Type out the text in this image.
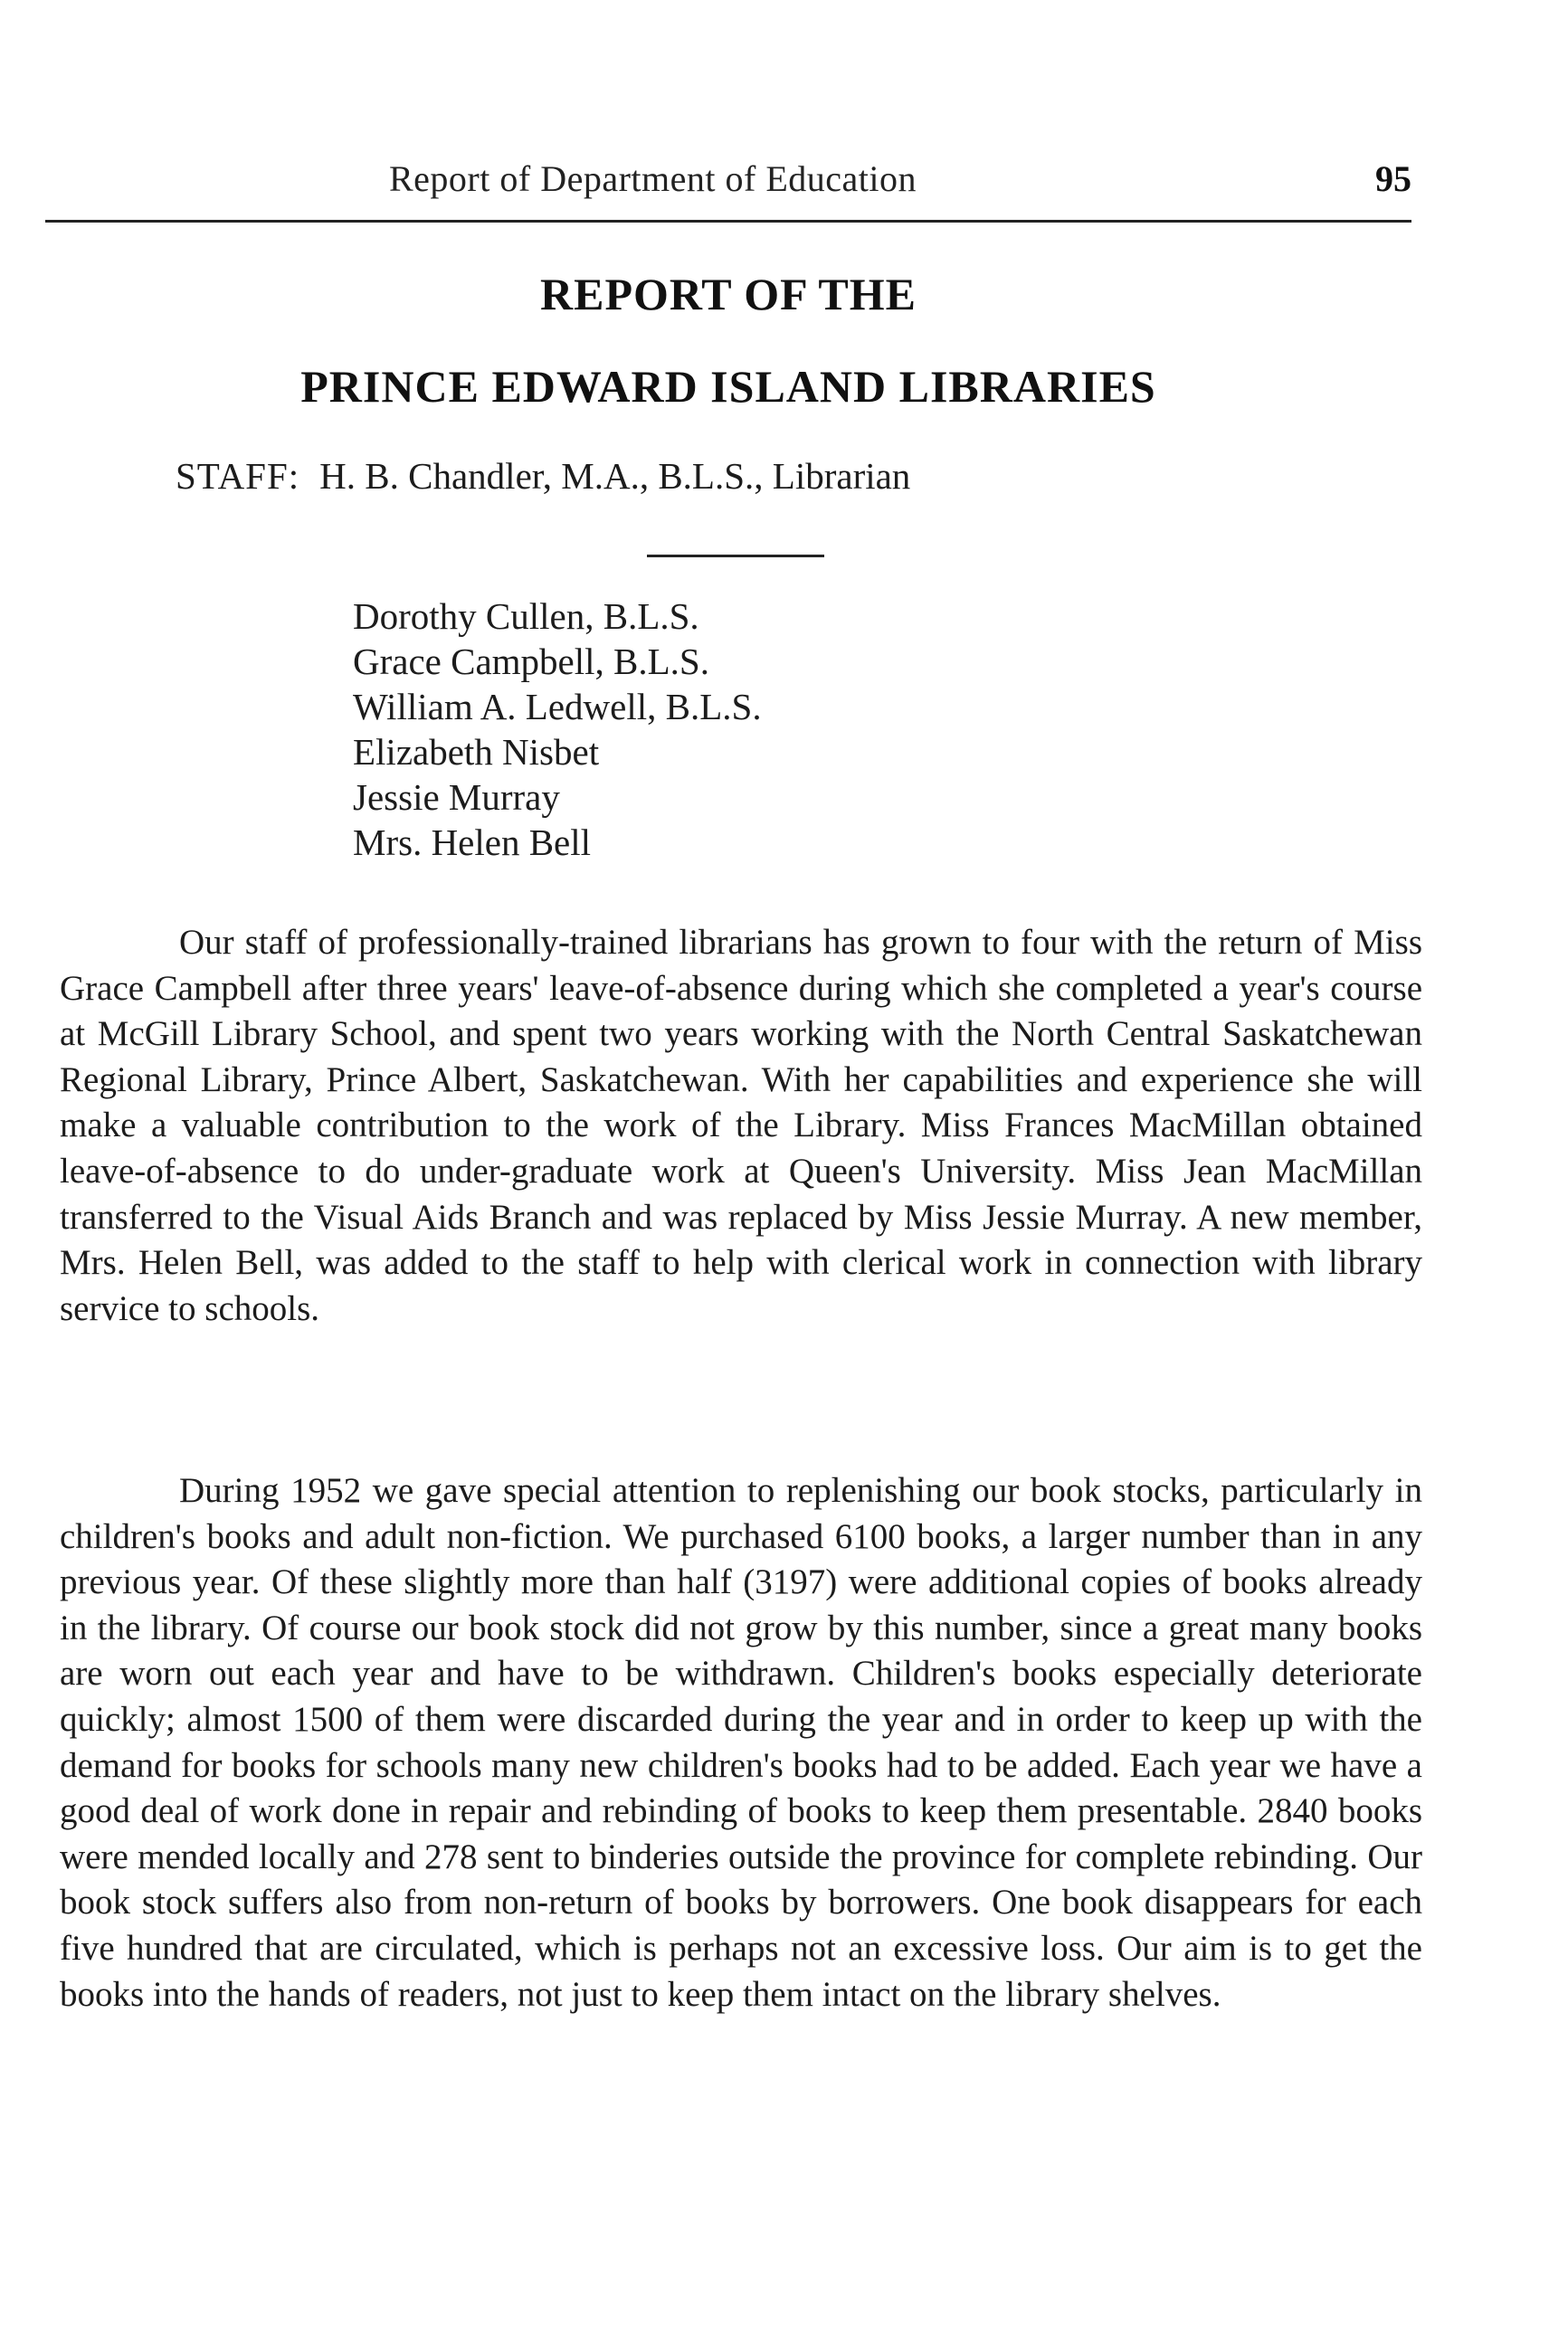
Report of Department of Education	95
REPORT OF THE
PRINCE EDWARD ISLAND LIBRARIES
STAFF: H. B. Chandler, M.A., B.L.S., Librarian
Dorothy Cullen, B.L.S.
Grace Campbell, B.L.S.
William A. Ledwell, B.L.S.
Elizabeth Nisbet
Jessie Murray
Mrs. Helen Bell

Our staff of professionally-trained librarians has grown to four with the return of Miss Grace Campbell after three years' leave-of-absence during which she completed a year's course at McGill Library School, and spent two years working with the North Central Saskatchewan Regional Library, Prince Albert, Saskatchewan. With her capabilities and experience she will make a valuable contribution to the work of the Library. Miss Frances MacMillan obtained leave-of-absence to do under-graduate work at Queen's University. Miss Jean MacMillan transferred to the Visual Aids Branch and was replaced by Miss Jessie Murray. A new member, Mrs. Helen Bell, was added to the staff to help with clerical work in connection with library service to schools.

During 1952 we gave special attention to replenishing our book stocks, particularly in children's books and adult non-fiction. We purchased 6100 books, a larger number than in any previous year. Of these slightly more than half (3197) were additional copies of books already in the library. Of course our book stock did not grow by this number, since a great many books are worn out each year and have to be withdrawn. Children's books especially deteriorate quickly; almost 1500 of them were discarded during the year and in order to keep up with the demand for books for schools many new children's books had to be added. Each year we have a good deal of work done in repair and rebinding of books to keep them presentable. 2840 books were mended locally and 278 sent to binderies outside the province for complete rebinding. Our book stock suffers also from non-return of books by borrowers. One book disappears for each five hundred that are circulated, which is perhaps not an excessive loss. Our aim is to get the books into the hands of readers, not just to keep them intact on the library shelves.
